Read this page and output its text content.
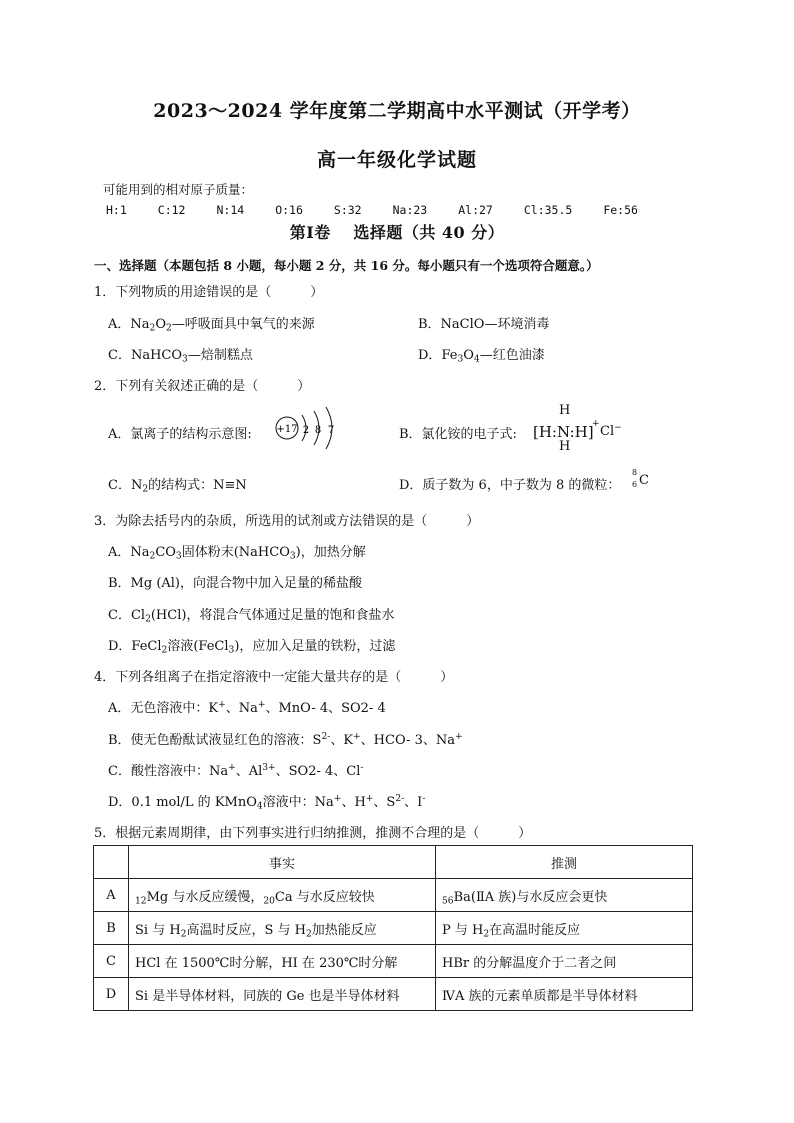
2023～2024 学年度第二学期高中水平测试（开学考）
高一年级化学试题
可能用到的相对原子质量：
H:1	C:12	N:14	O:16	S:32	Na:23	Al:27	Cl:35.5	Fe:56
第Ⅰ卷　 选择题（共 40 分）
一、选择题（本题包括 8 小题，每小题 2 分，共 16 分。每小题只有一个选项符合题意。）
1．下列物质的用途错误的是（　　　）
A．$Na_2O_2—$呼吸面具中氧气的来源	B．NaClO—环境消毒
C．NaHCO$_3$—焙制糕点	D．$Fe_3O_4—$红色油漆
2．下列有关叙述正确的是（　　　）
A．氯离子的结构示意图: +17 2 8 7	B．氯化铵的电子式:
H
[H:N:H]
+ Cl−
H
C．$N_2$的结构式：N≡N	D．质子数为 6，中子数为 8 的微粒：
8
6 C
3．为除去括号内的杂质，所选用的试剂或方法错误的是（　　　）
A．$Na_2CO_3$固体粉末(NaHCO$_3$)，加热分解
B．Mg (Al)，向混合物中加入足量的稀盐酸
C．$Cl_2(HCl)$，将混合气体通过足量的饱和食盐水
D．FeCl$_2$溶液(FeCl$_3$)，应加入足量的铁粉，过滤
4．下列各组离子在指定溶液中一定能大量共存的是（　　　）
A．无色溶液中：K+、Na+、MnO- 4、SO2- 4
B．使无色酚酞试液显红色的溶液：$S^{2-}$、K+、HCO- 3、Na+
C．酸性溶液中：Na+、$Al^{3+}$、SO2- 4、Cl-
D．0.1 mol/L 的 KMnO$_4$溶液中：Na+、H+、$S^{2-}$、I-
5．根据元素周期律，由下列事实进行归纳推测，推测不合理的是（　　　）
	事实	推测
A	$_{12}$Mg 与水反应缓慢，$_{20}$Ca 与水反应较快	$_{56}$Ba(ⅡA 族)与水反应会更快
B	Si 与 $H_2$高温时反应，S 与 $H_2$加热能反应	P 与 $H_2$在高温时能反应
C	HCl 在 1500℃时分解，HI 在 230℃时分解	HBr 的分解温度介于二者之间
D	Si 是半导体材料，同族的 Ge 也是半导体材料	ⅣA 族的元素单质都是半导体材料
